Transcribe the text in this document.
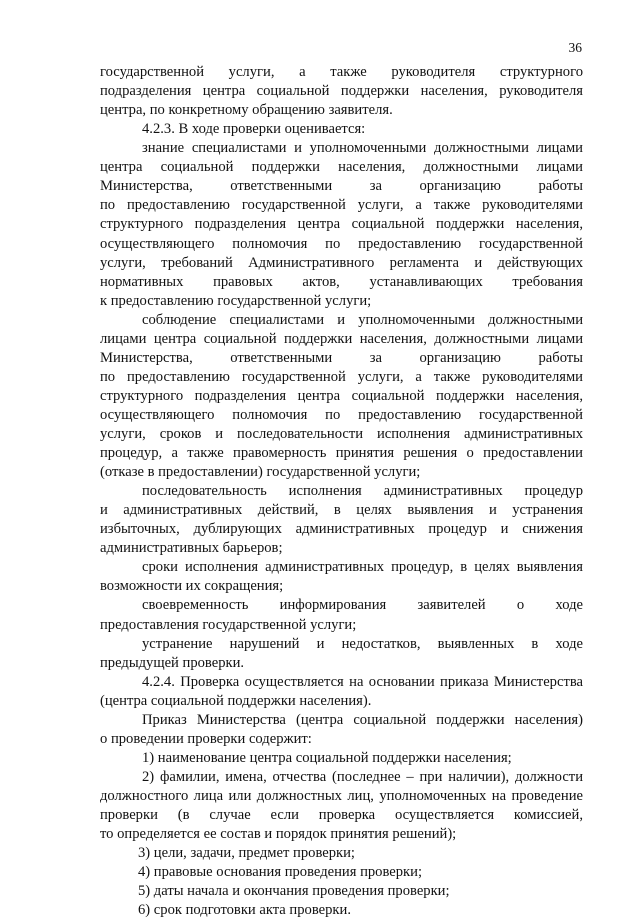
36
государственной услуги, а также руководителя структурного
подразделения центра социальной поддержки населения, руководителя
центра, по конкретному обращению заявителя.
4.2.3. В ходе проверки оценивается:
знание специалистами и уполномоченными должностными лицами
центра социальной поддержки населения, должностными лицами
Министерства, ответственными за организацию работы
по предоставлению государственной услуги, а также руководителями
структурного подразделения центра социальной поддержки населения,
осуществляющего полномочия по предоставлению государственной
услуги, требований Административного регламента и действующих
нормативных правовых актов, устанавливающих требования
к предоставлению государственной услуги;
соблюдение специалистами и уполномоченными должностными
лицами центра социальной поддержки населения, должностными лицами
Министерства, ответственными за организацию работы
по предоставлению государственной услуги, а также руководителями
структурного подразделения центра социальной поддержки населения,
осуществляющего полномочия по предоставлению государственной
услуги, сроков и последовательности исполнения административных
процедур, а также правомерность принятия решения о предоставлении
(отказе в предоставлении) государственной услуги;
последовательность исполнения административных процедур
и административных действий, в целях выявления и устранения
избыточных, дублирующих административных процедур и снижения
административных барьеров;
сроки исполнения административных процедур, в целях выявления
возможности их сокращения;
своевременность информирования заявителей о ходе
предоставления государственной услуги;
устранение нарушений и недостатков, выявленных в ходе
предыдущей проверки.
4.2.4. Проверка осуществляется на основании приказа Министерства
(центра социальной поддержки населения).
Приказ Министерства (центра социальной поддержки населения)
о проведении проверки содержит:
1) наименование центра социальной поддержки населения;
2) фамилии, имена, отчества (последнее – при наличии), должности
должностного лица или должностных лиц, уполномоченных на проведение
проверки (в случае если проверка осуществляется комиссией,
то определяется ее состав и порядок принятия решений);
3) цели, задачи, предмет проверки;
4) правовые основания проведения проверки;
5) даты начала и окончания проведения проверки;
6) срок подготовки акта проверки.
